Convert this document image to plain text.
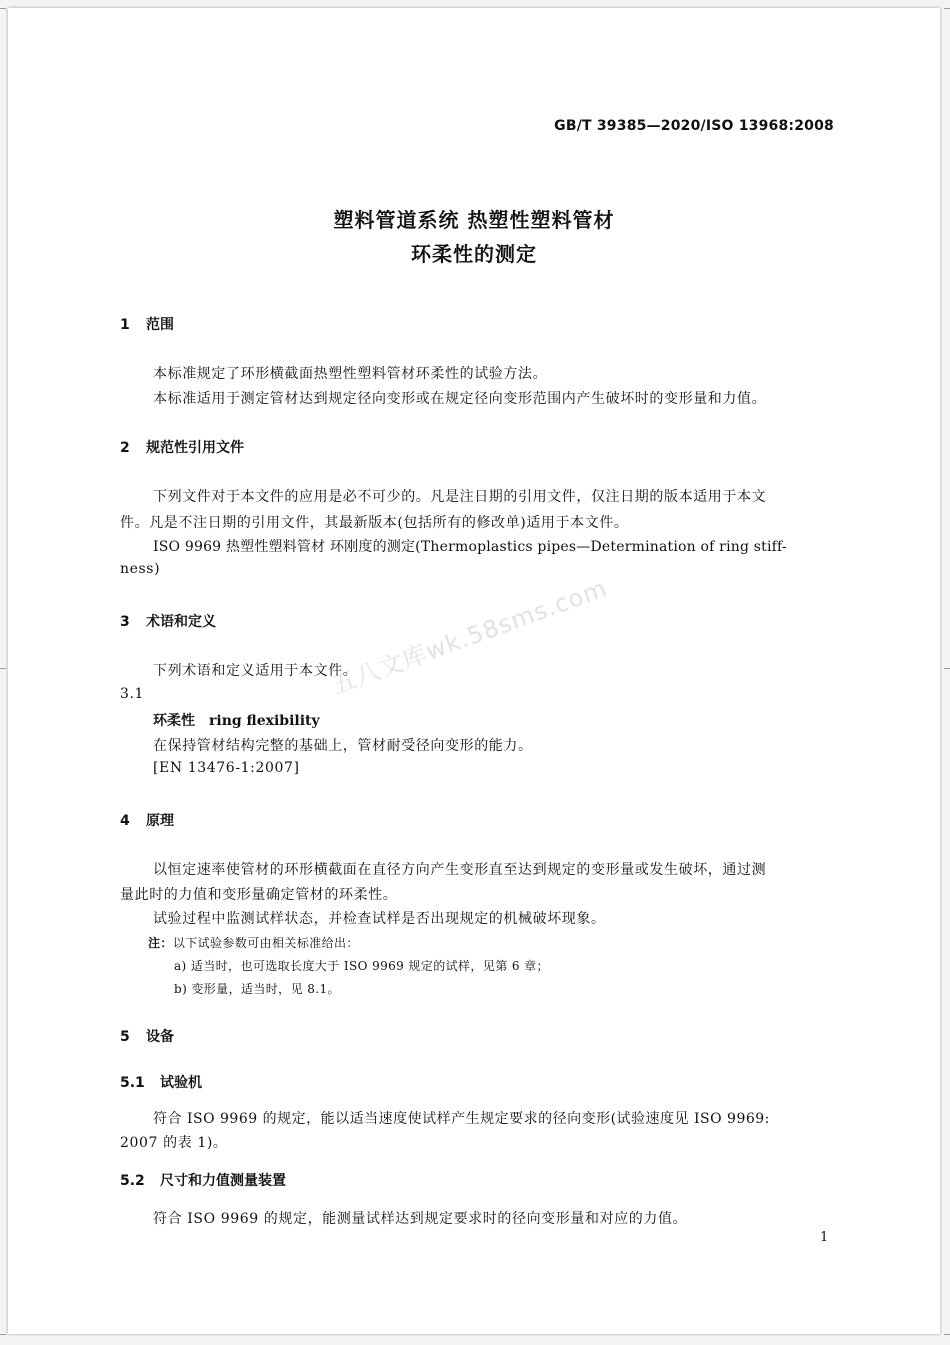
GB/T 39385—2020/ISO 13968:2008
塑料管道系统 热塑性塑料管材
环柔性的测定
1 范围
本标准规定了环形横截面热塑性塑料管材环柔性的试验方法。
本标准适用于测定管材达到规定径向变形或在规定径向变形范围内产生破坏时的变形量和力值。
2 规范性引用文件
下列文件对于本文件的应用是必不可少的。凡是注日期的引用文件，仅注日期的版本适用于本文
件。凡是不注日期的引用文件，其最新版本(包括所有的修改单)适用于本文件。
ISO 9969 热塑性塑料管材 环刚度的测定(Thermoplastics pipes—Determination of ring stiff-
ness)
3 术语和定义
下列术语和定义适用于本文件。
3.1
环柔性 ring flexibility
在保持管材结构完整的基础上，管材耐受径向变形的能力。
[EN 13476-1:2007]
4 原理
以恒定速率使管材的环形横截面在直径方向产生变形直至达到规定的变形量或发生破坏，通过测
量此时的力值和变形量确定管材的环柔性。
试验过程中监测试样状态，并检查试样是否出现规定的机械破坏现象。
注：以下试验参数可由相关标准给出：
a) 适当时，也可选取长度大于 ISO 9969 规定的试样，见第 6 章；
b) 变形量，适当时，见 8.1。
5 设备
5.1 试验机
符合 ISO 9969 的规定，能以适当速度使试样产生规定要求的径向变形(试验速度见 ISO 9969:
2007 的表 1)。
5.2 尺寸和力值测量装置
符合 ISO 9969 的规定，能测量试样达到规定要求时的径向变形量和对应的力值。
1
五八文库wk.58sms.com
